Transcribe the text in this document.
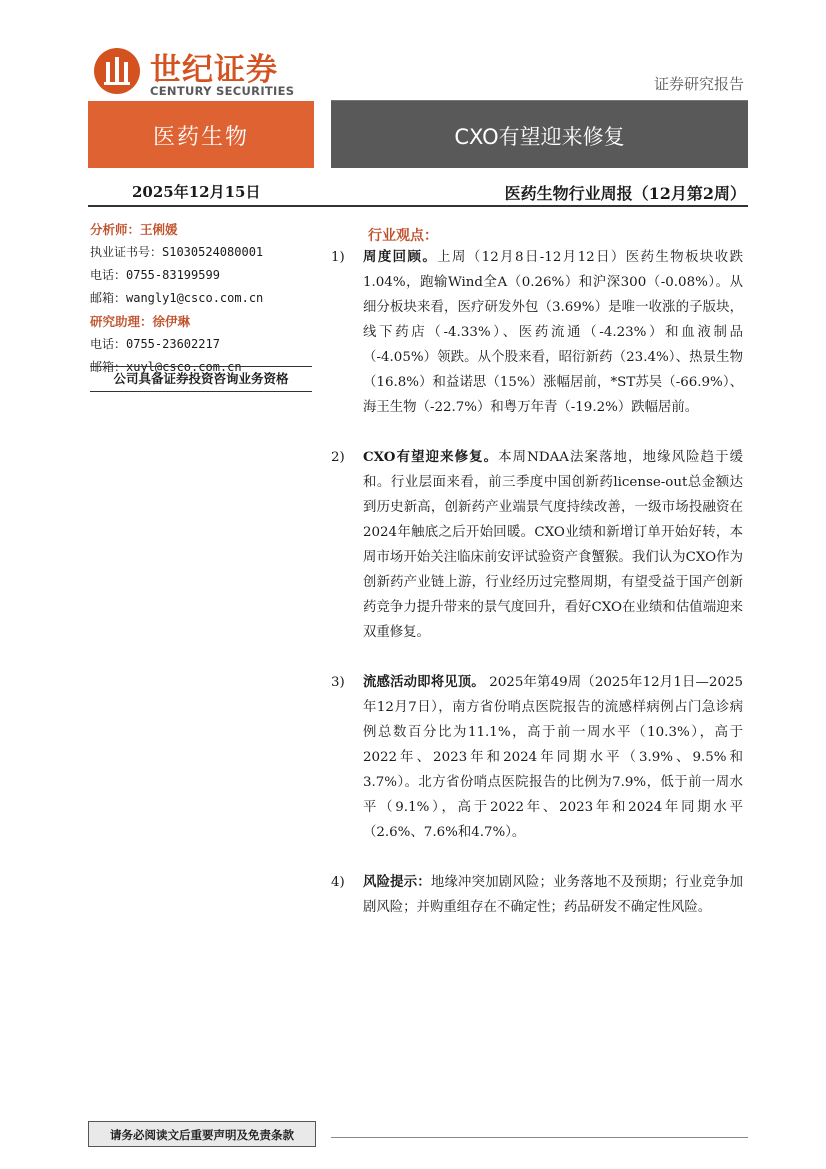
世纪证券
CENTURY SECURITIES	证券研究报告
医药生物	CXO有望迎来修复
2025年12月15日	医药生物行业周报（12月第2周）
分析师：王俐媛
执业证书号：S1030524080001
电话：0755-83199599
邮箱：wangly1@csco.com.cn
研究助理：徐伊琳
电话：0755-23602217
邮箱：xuyl@csco.com.cn
公司具备证券投资咨询业务资格
行业观点：
1) 周度回顾。上周（12月8日-12月12日）医药生物板块收跌1.04%，跑输Wind全A（0.26%）和沪深300（-0.08%）。从细分板块来看，医疗研发外包（3.69%）是唯一收涨的子版块，线下药店（-4.33%）、医药流通（-4.23%）和血液制品（-4.05%）领跌。从个股来看，昭衍新药（23.4%）、热景生物（16.8%）和益诺思（15%）涨幅居前，*ST苏吴（-66.9%）、海王生物（-22.7%）和粤万年青（-19.2%）跌幅居前。
2) CXO有望迎来修复。本周NDAA法案落地，地缘风险趋于缓和。行业层面来看，前三季度中国创新药license-out总金额达到历史新高，创新药产业端景气度持续改善，一级市场投融资在2024年触底之后开始回暖。CXO业绩和新增订单开始好转，本周市场开始关注临床前安评试验资产食蟹猴。我们认为CXO作为创新药产业链上游，行业经历过完整周期，有望受益于国产创新药竞争力提升带来的景气度回升，看好CXO在业绩和估值端迎来双重修复。
3) 流感活动即将见顶。 2025年第49周（2025年12月1日—2025年12月7日），南方省份哨点医院报告的流感样病例占门急诊病例总数百分比为11.1%，高于前一周水平（10.3%），高于2022年、2023年和2024年同期水平（3.9%、9.5%和3.7%）。北方省份哨点医院报告的比例为7.9%，低于前一周水平（9.1%），高于2022年、2023年和2024年同期水平（2.6%、7.6%和4.7%）。
4) 风险提示：地缘冲突加剧风险；业务落地不及预期；行业竞争加剧风险；并购重组存在不确定性；药品研发不确定性风险。
请务必阅读文后重要声明及免责条款
